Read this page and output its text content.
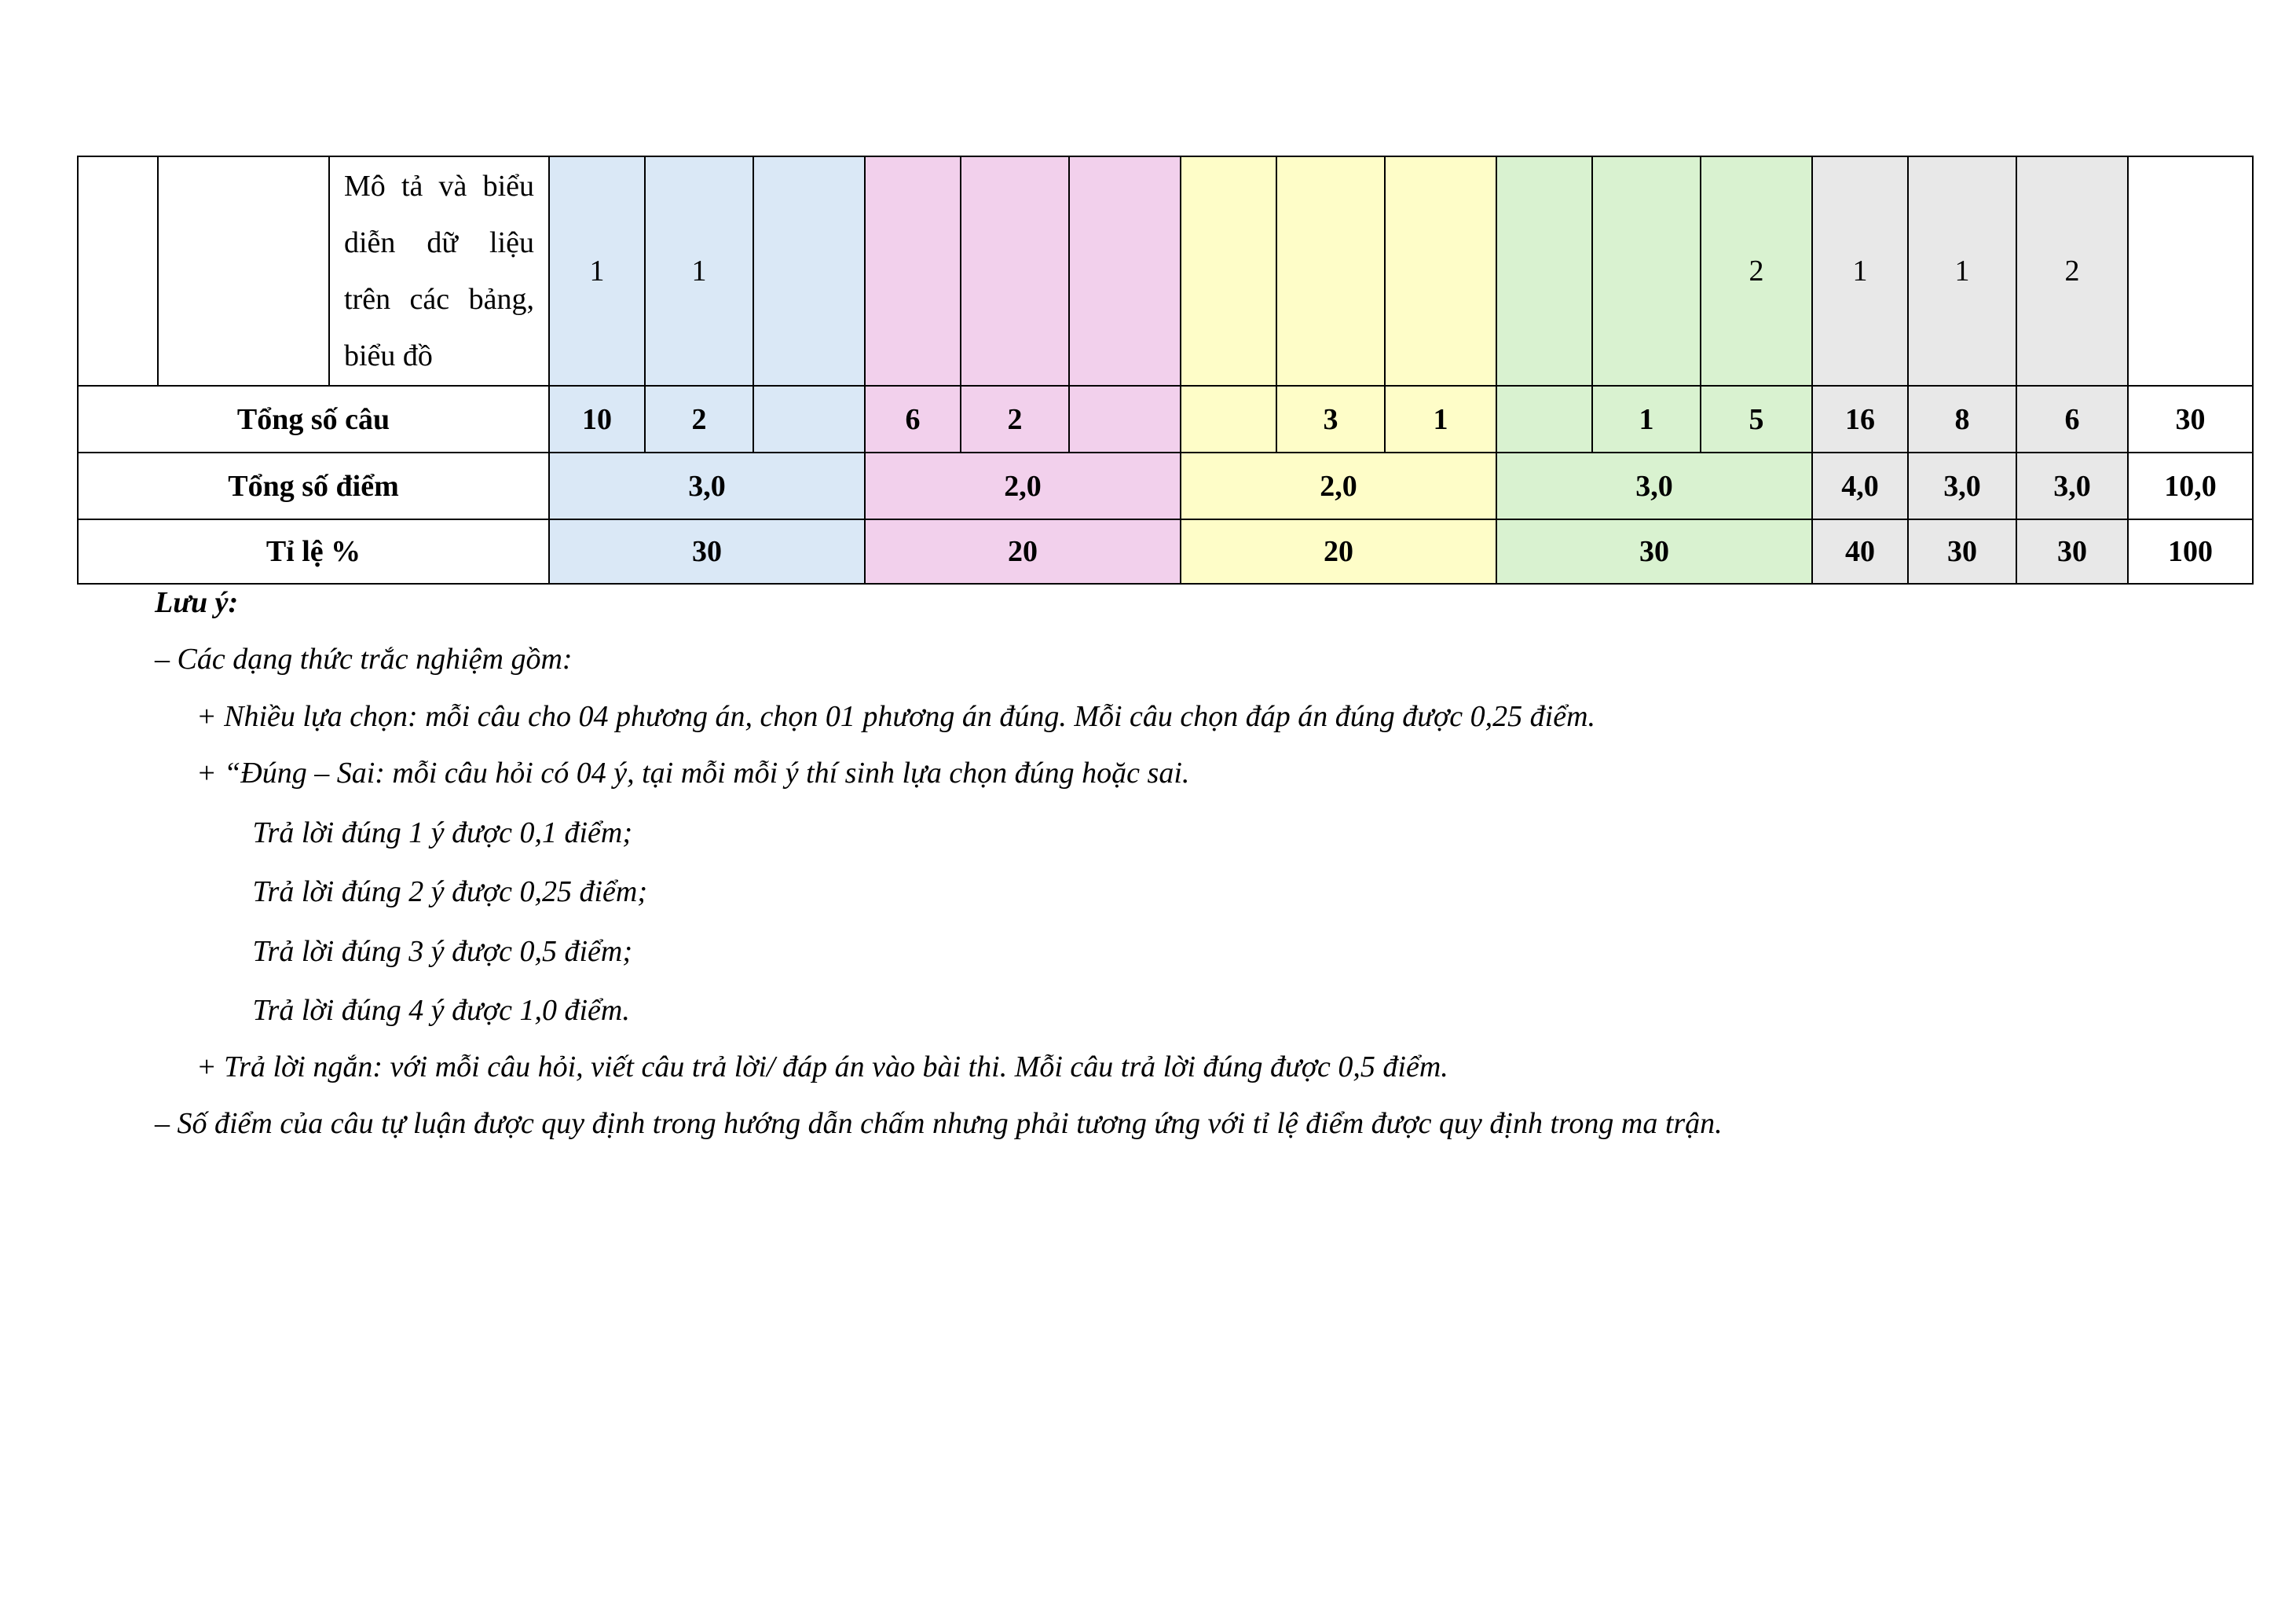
		Mô tả và biểu
diễn dữ liệu
trên các bảng,
biểu đồ	1	1										2	1	1	2	
Tổng số câu			10	2		6	2			3	1		1	5	16	8	6	30
Tổng số điểm			3,0			2,0			2,0			3,0			4,0	3,0	3,0	10,0
Tỉ lệ %			30			20			20			30			40	30	30	100
Lưu ý:
– Các dạng thức trắc nghiệm gồm:
+ Nhiều lựa chọn: mỗi câu cho 04 phương án, chọn 01 phương án đúng. Mỗi câu chọn đáp án đúng được 0,25 điểm.
+ “Đúng – Sai: mỗi câu hỏi có 04 ý, tại mỗi mỗi ý thí sinh lựa chọn đúng hoặc sai.
Trả lời đúng 1 ý được 0,1 điểm;
Trả lời đúng 2 ý được 0,25 điểm;
Trả lời đúng 3 ý được 0,5 điểm;
Trả lời đúng 4 ý được 1,0 điểm.
+ Trả lời ngắn: với mỗi câu hỏi, viết câu trả lời/ đáp án vào bài thi. Mỗi câu trả lời đúng được 0,5 điểm.
– Số điểm của câu tự luận được quy định trong hướng dẫn chấm nhưng phải tương ứng với tỉ lệ điểm được quy định trong ma trận.
